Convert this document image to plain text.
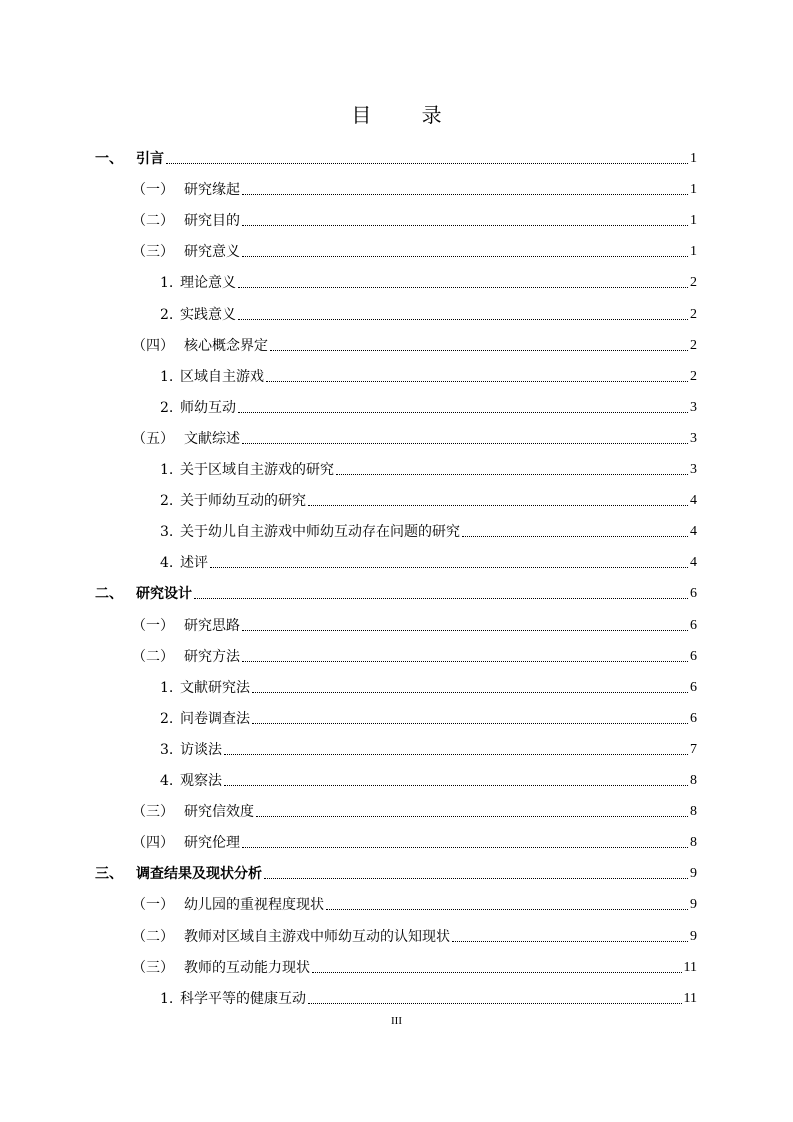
目 录
一、 引言	1
（一） 研究缘起	1
（二） 研究目的	1
（三） 研究意义	1
1. 理论意义	2
2. 实践意义	2
（四） 核心概念界定	2
1. 区域自主游戏	2
2. 师幼互动	3
（五） 文献综述	3
1. 关于区域自主游戏的研究	3
2. 关于师幼互动的研究	4
3. 关于幼儿自主游戏中师幼互动存在问题的研究	4
4. 述评	4
二、 研究设计	6
（一） 研究思路	6
（二） 研究方法	6
1. 文献研究法	6
2. 问卷调查法	6
3. 访谈法	7
4. 观察法	8
（三） 研究信效度	8
（四） 研究伦理	8
三、 调查结果及现状分析	9
（一） 幼儿园的重视程度现状	9
（二） 教师对区域自主游戏中师幼互动的认知现状	9
（三） 教师的互动能力现状	11
1. 科学平等的健康互动	11
III
